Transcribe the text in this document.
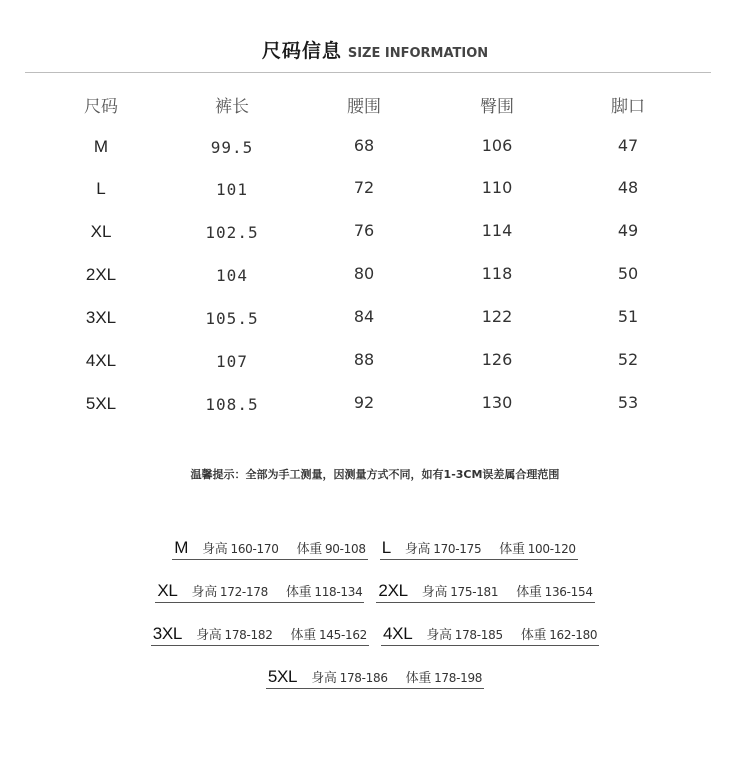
尺码信息 SIZE INFORMATION
尺码	裤长	腰围	臀围	脚口
M	99.5	68	106	47
L	101	72	110	48
XL	102.5	76	114	49
2XL	104	80	118	50
3XL	105.5	84	122	51
4XL	107	88	126	52
5XL	108.5	92	130	53
温馨提示：全部为手工测量，因测量方式不同，如有1-3CM误差属合理范围
M 身高 160-170 体重 90-108 L 身高 170-175 体重 100-120
XL 身高 172-178 体重 118-134 2XL 身高 175-181 体重 136-154
3XL 身高 178-182 体重 145-162 4XL 身高 178-185 体重 162-180
5XL 身高 178-186 体重 178-198
